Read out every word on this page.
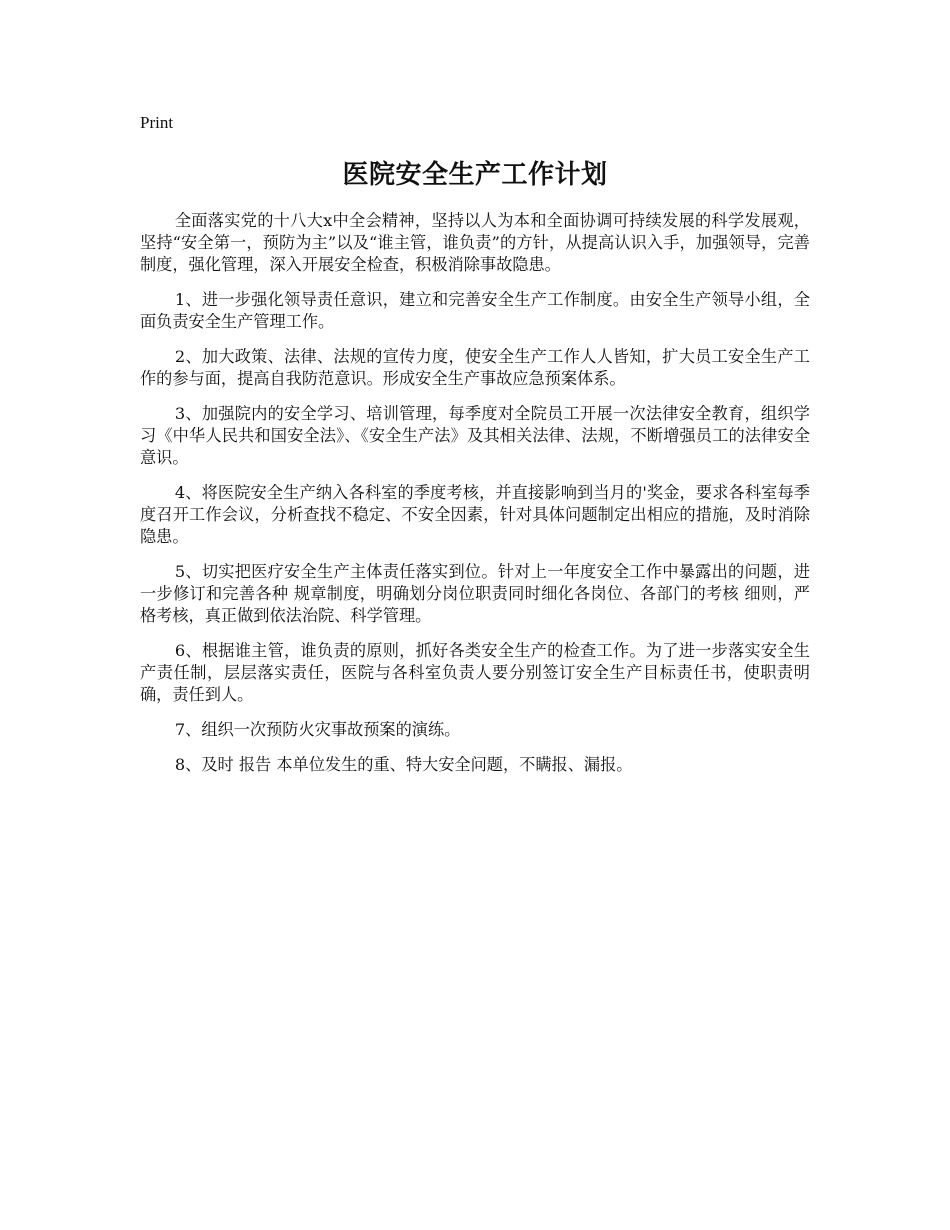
Print
医院安全生产工作计划

全面落实党的十八大x中全会精神，坚持以人为本和全面协调可持续发展的科学发展观，坚持“安全第一，预防为主”以及“谁主管，谁负责”的方针，从提高认识入手，加强领导，完善 制度，强化管理，深入开展安全检查，积极消除事故隐患。

1、进一步强化领导责任意识，建立和完善安全生产工作制度。由安全生产领导小组，全面负责安全生产管理工作。

2、加大政策、法律、法规的宣传力度，使安全生产工作人人皆知，扩大员工安全生产工作的参与面，提高自我防范意识。形成安全生产事故应急预案体系。

3、加强院内的安全学习、培训管理，每季度对全院员工开展一次法律安全教育，组织学习《中华人民共和国安全法》、《安全生产法》及其相关法律、法规，不断增强员工的法律安全意识。

4、将医院安全生产纳入各科室的季度考核，并直接影响到当月的'奖金，要求各科室每季度召开工作会议，分析查找不稳定、不安全因素，针对具体问题制定出相应的措施，及时消除隐患。

5、切实把医疗安全生产主体责任落实到位。针对上一年度安全工作中暴露出的问题，进一步修订和完善各种 规章制度，明确划分岗位职责同时细化各岗位、各部门的考核 细则，严格考核，真正做到依法治院、科学管理。

6、根据谁主管，谁负责的原则，抓好各类安全生产的检查工作。为了进一步落实安全生产责任制，层层落实责任，医院与各科室负责人要分别签订安全生产目标责任书，使职责明确，责任到人。

7、组织一次预防火灾事故预案的演练。

8、及时 报告 本单位发生的重、特大安全问题，不瞒报、漏报。
